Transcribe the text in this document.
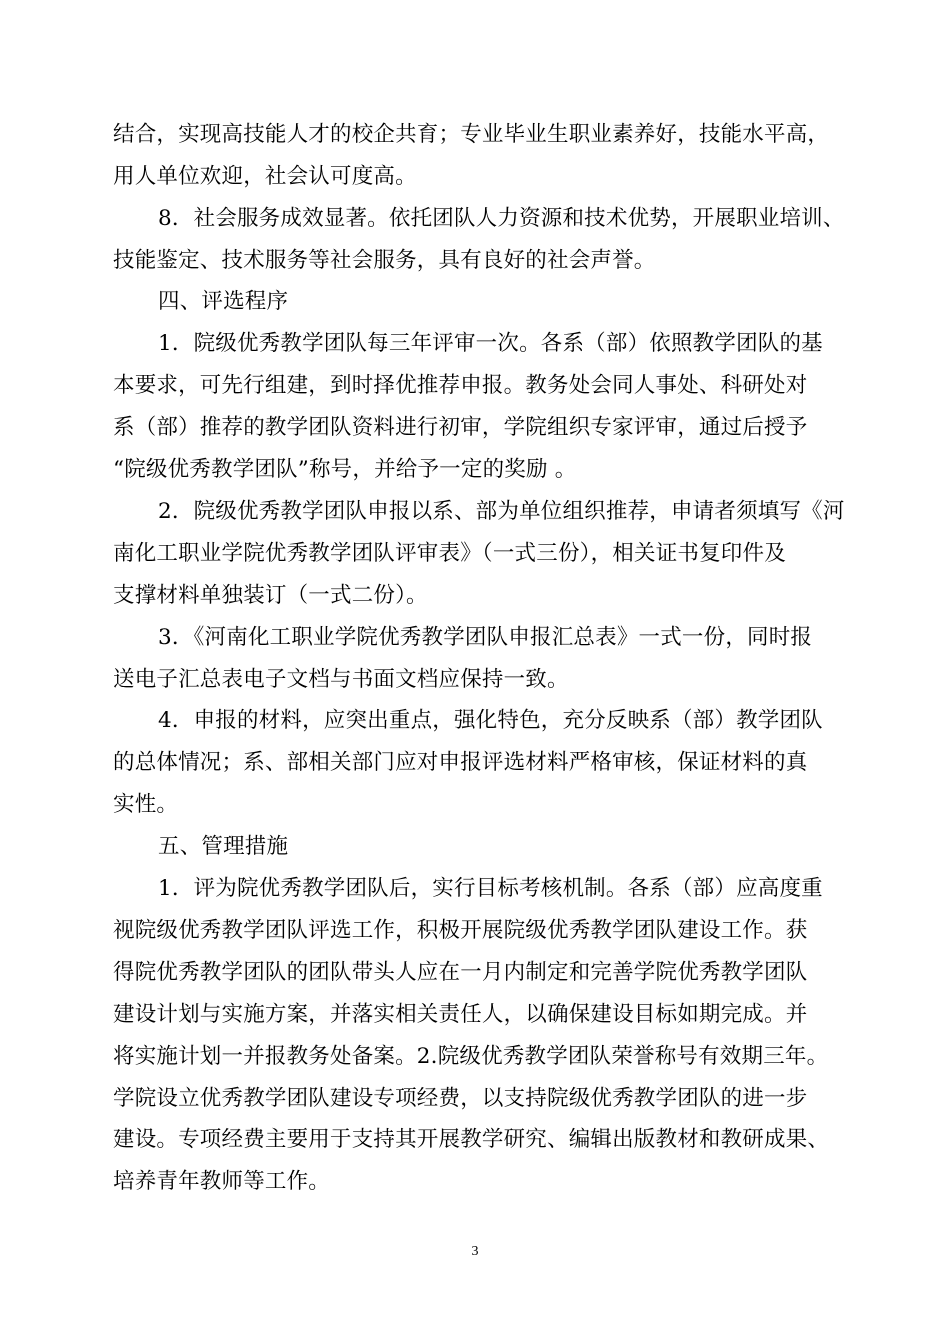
结合，实现高技能人才的校企共育；专业毕业生职业素养好，技能水平高，

用人单位欢迎，社会认可度高。

8．社会服务成效显著。依托团队人力资源和技术优势，开展职业培训、

技能鉴定、技术服务等社会服务，具有良好的社会声誉。

四、评选程序

1．院级优秀教学团队每三年评审一次。各系（部）依照教学团队的基

本要求，可先行组建，到时择优推荐申报。教务处会同人事处、科研处对

系（部）推荐的教学团队资料进行初审，学院组织专家评审，通过后授予

“院级优秀教学团队”称号，并给予一定的奖励 。

2．院级优秀教学团队申报以系、部为单位组织推荐，申请者须填写《河

南化工职业学院优秀教学团队评审表》（一式三份），相关证书复印件及

支撑材料单独装订（一式二份）。

3．《河南化工职业学院优秀教学团队申报汇总表》一式一份，同时报

送电子汇总表电子文档与书面文档应保持一致。

4．申报的材料，应突出重点，强化特色，充分反映系（部）教学团队

的总体情况；系、部相关部门应对申报评选材料严格审核，保证材料的真

实性。

五、管理措施

1．评为院优秀教学团队后，实行目标考核机制。各系（部）应高度重

视院级优秀教学团队评选工作，积极开展院级优秀教学团队建设工作。获

得院优秀教学团队的团队带头人应在一月内制定和完善学院优秀教学团队

建设计划与实施方案，并落实相关责任人，以确保建设目标如期完成。并

将实施计划一并报教务处备案。2.院级优秀教学团队荣誉称号有效期三年。

学院设立优秀教学团队建设专项经费，以支持院级优秀教学团队的进一步

建设。专项经费主要用于支持其开展教学研究、编辑出版教材和教研成果、

培养青年教师等工作。

3
